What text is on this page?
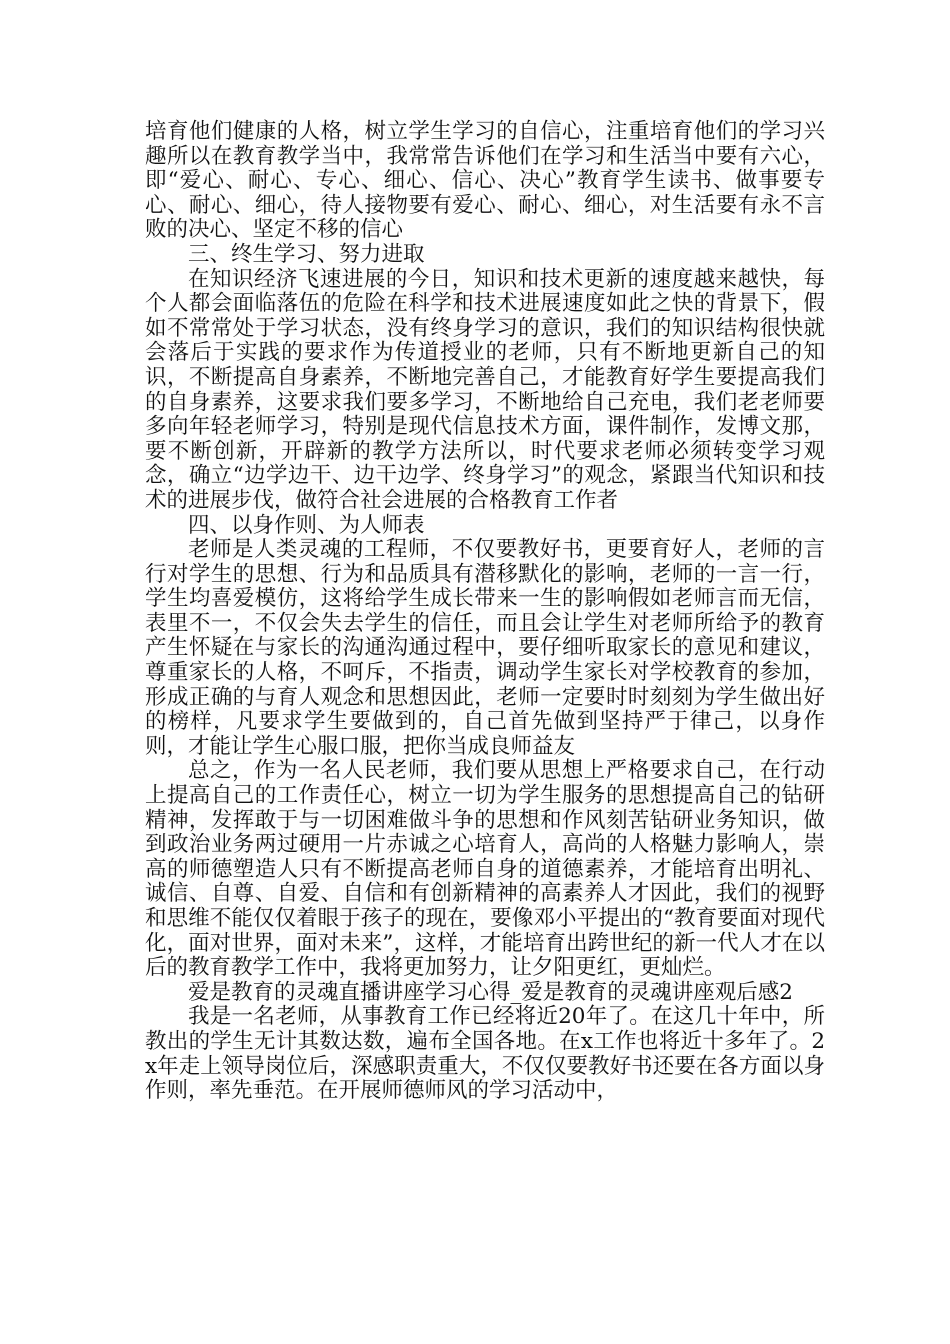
培育他们健康的人格，树立学生学习的自信心，注重培育他们的学习兴趣所以在教育教学当中，我常常告诉他们在学习和生活当中要有六心，即“爱心、耐心、专心、细心、信心、决心”教育学生读书、做事要专心、耐心、细心，待人接物要有爱心、耐心、细心，对生活要有永不言败的决心、坚定不移的信心

三、终生学习、努力进取

在知识经济飞速进展的今日，知识和技术更新的速度越来越快，每个人都会面临落伍的危险在科学和技术进展速度如此之快的背景下，假如不常常处于学习状态，没有终身学习的意识，我们的知识结构很快就会落后于实践的要求作为传道授业的老师，只有不断地更新自己的知识，不断提高自身素养，不断地完善自己，才能教育好学生要提高我们的自身素养，这要求我们要多学习，不断地给自己充电，我们老老师要多向年轻老师学习，特别是现代信息技术方面，课件制作，发博文那，要不断创新，开辟新的教学方法所以，时代要求老师必须转变学习观念，确立“边学边干、边干边学、终身学习”的观念，紧跟当代知识和技术的进展步伐，做符合社会进展的合格教育工作者

四、以身作则、为人师表

老师是人类灵魂的工程师，不仅要教好书，更要育好人，老师的言行对学生的思想、行为和品质具有潜移默化的影响，老师的一言一行，学生均喜爱模仿，这将给学生成长带来一生的影响假如老师言而无信，表里不一，不仅会失去学生的信任，而且会让学生对老师所给予的教育产生怀疑在与家长的沟通沟通过程中，要仔细听取家长的意见和建议，尊重家长的人格，不呵斥，不指责，调动学生家长对学校教育的参加，形成正确的与育人观念和思想因此，老师一定要时时刻刻为学生做出好的榜样，凡要求学生要做到的，自己首先做到坚持严于律己，以身作则，才能让学生心服口服，把你当成良师益友

总之，作为一名人民老师，我们要从思想上严格要求自己，在行动上提高自己的工作责任心，树立一切为学生服务的思想提高自己的钻研精神，发挥敢于与一切困难做斗争的思想和作风刻苦钻研业务知识，做到政治业务两过硬用一片赤诚之心培育人，高尚的人格魅力影响人，崇高的师德塑造人只有不断提高老师自身的道德素养，才能培育出明礼、诚信、自尊、自爱、自信和有创新精神的高素养人才因此，我们的视野和思维不能仅仅着眼于孩子的现在，要像邓小平提出的“教育要面对现代化，面对世界，面对未来”，这样，才能培育出跨世纪的新一代人才在以后的教育教学工作中，我将更加努力，让夕阳更红，更灿烂。

爱是教育的灵魂直播讲座学习心得_爱是教育的灵魂讲座观后感2

我是一名老师，从事教育工作已经将近20年了。在这几十年中，所教出的学生无计其数达数，遍布全国各地。在x工作也将近十多年了。2x年走上领导岗位后，深感职责重大，不仅仅要教好书还要在各方面以身作则，率先垂范。在开展师德师风的学习活动中，
